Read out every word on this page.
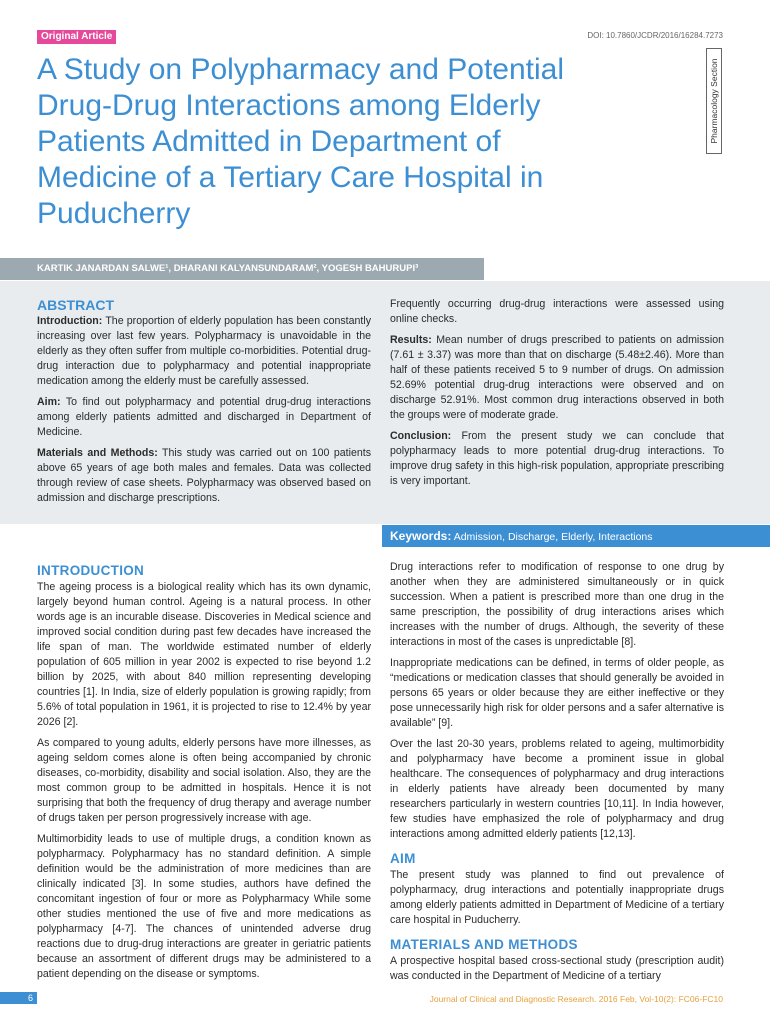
Original Article	DOI: 10.7860/JCDR/2016/16284.7273
A Study on Polypharmacy and Potential Drug-Drug Interactions among Elderly Patients Admitted in Department of Medicine of a Tertiary Care Hospital in Puducherry
Pharmacology Section
KARTIK JANARDAN SALWE¹, DHARANI KALYANSUNDARAM², YOGESH BAHURUPI³
ABSTRACT

Introduction: The proportion of elderly population has been constantly increasing over last few years. Polypharmacy is unavoidable in the elderly as they often suffer from multiple co-morbidities. Potential drug-drug interaction due to polypharmacy and potential inappropriate medication among the elderly must be carefully assessed.

Aim: To find out polypharmacy and potential drug-drug interactions among elderly patients admitted and discharged in Department of Medicine.

Materials and Methods: This study was carried out on 100 patients above 65 years of age both males and females. Data was collected through review of case sheets. Polypharmacy was observed based on admission and discharge prescriptions.

Frequently occurring drug-drug interactions were assessed using online checks.

Results: Mean number of drugs prescribed to patients on admission (7.61 ± 3.37) was more than that on discharge (5.48±2.46). More than half of these patients received 5 to 9 number of drugs. On admission 52.69% potential drug-drug interactions were observed and on discharge 52.91%. Most common drug interactions observed in both the groups were of moderate grade.

Conclusion: From the present study we can conclude that polypharmacy leads to more potential drug-drug interactions. To improve drug safety in this high-risk population, appropriate prescribing is very important.

Keywords: Admission, Discharge, Elderly, Interactions
INTRODUCTION

The ageing process is a biological reality which has its own dynamic, largely beyond human control. Ageing is a natural process. In other words age is an incurable disease. Discoveries in Medical science and improved social condition during past few decades have increased the life span of man. The worldwide estimated number of elderly population of 605 million in year 2002 is expected to rise beyond 1.2 billion by 2025, with about 840 million representing developing countries [1]. In India, size of elderly population is growing rapidly; from 5.6% of total population in 1961, it is projected to rise to 12.4% by year 2026 [2].

As compared to young adults, elderly persons have more illnesses, as ageing seldom comes alone is often being accompanied by chronic diseases, co-morbidity, disability and social isolation. Also, they are the most common group to be admitted in hospitals. Hence it is not surprising that both the frequency of drug therapy and average number of drugs taken per person progressively increase with age.

Multimorbidity leads to use of multiple drugs, a condition known as polypharmacy. Polypharmacy has no standard definition. A simple definition would be the administration of more medicines than are clinically indicated [3]. In some studies, authors have defined the concomitant ingestion of four or more as Polypharmacy While some other studies mentioned the use of five and more medications as polypharmacy [4-7]. The chances of unintended adverse drug reactions due to drug-drug interactions are greater in geriatric patients because an assortment of different drugs may be administered to a patient depending on the disease or symptoms.

Drug interactions refer to modification of response to one drug by another when they are administered simultaneously or in quick succession. When a patient is prescribed more than one drug in the same prescription, the possibility of drug interactions arises which increases with the number of drugs. Although, the severity of these interactions in most of the cases is unpredictable [8].

Inappropriate medications can be defined, in terms of older people, as “medications or medication classes that should generally be avoided in persons 65 years or older because they are either ineffective or they pose unnecessarily high risk for older persons and a safer alternative is available” [9].

Over the last 20-30 years, problems related to ageing, multimorbidity and polypharmacy have become a prominent issue in global healthcare. The consequences of polypharmacy and drug interactions in elderly patients have already been documented by many researchers particularly in western countries [10,11]. In India however, few studies have emphasized the role of polypharmacy and drug interactions among admitted elderly patients [12,13].

AIM

The present study was planned to find out prevalence of polypharmacy, drug interactions and potentially inappropriate drugs among elderly patients admitted in Department of Medicine of a tertiary care hospital in Puducherry.

MATERIALS AND METHODS

A prospective hospital based cross-sectional study (prescription audit) was conducted in the Department of Medicine of a tertiary

6	Journal of Clinical and Diagnostic Research. 2016 Feb, Vol-10(2): FC06-FC10
